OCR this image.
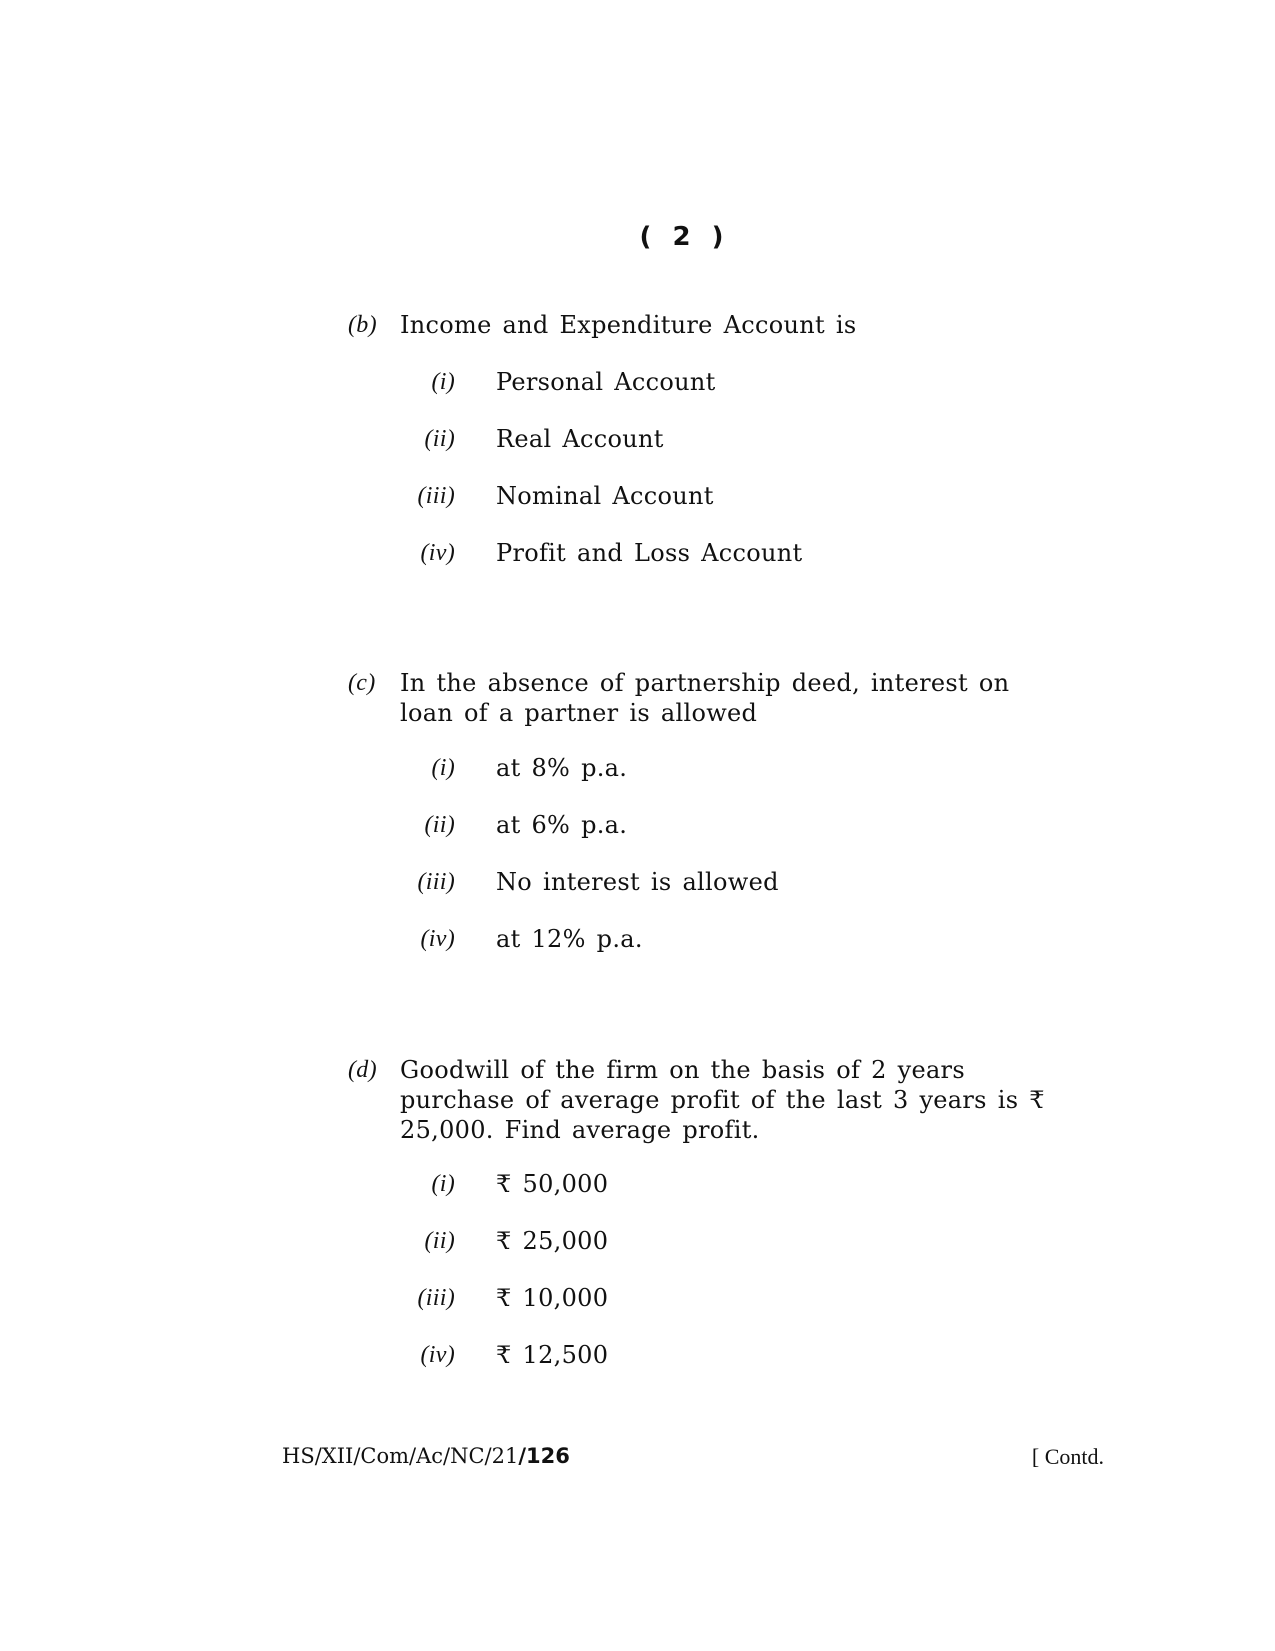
( 2 )
(b) Income and Expenditure Account is
(i) Personal Account
(ii) Real Account
(iii) Nominal Account
(iv) Profit and Loss Account
(c) In the absence of partnership deed, interest on loan of a partner is allowed
(i) at 8% p.a.
(ii) at 6% p.a.
(iii) No interest is allowed
(iv) at 12% p.a.
(d) Goodwill of the firm on the basis of 2 years purchase of average profit of the last 3 years is ₹ 25,000. Find average profit.
(i) ₹ 50,000
(ii) ₹ 25,000
(iii) ₹ 10,000
(iv) ₹ 12,500
HS/XII/Com/Ac/NC/21/126	[ Contd.
